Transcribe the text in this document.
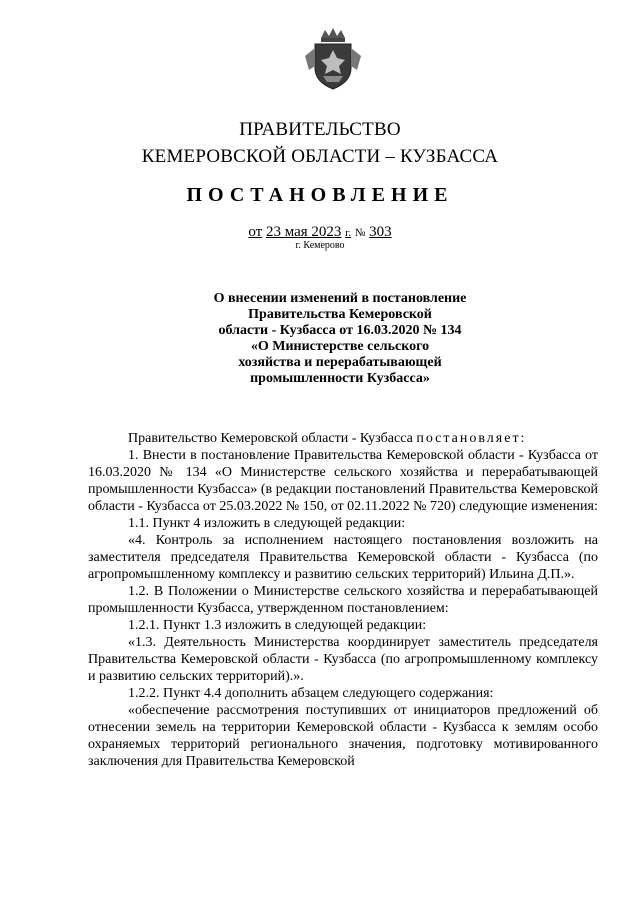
ПРАВИТЕЛЬСТВО
КЕМЕРОВСКОЙ ОБЛАСТИ – КУЗБАССА
ПОСТАНОВЛЕНИЕ
от 23 мая 2023 г. № 303
г. Кемерово
О внесении изменений в постановление
Правительства Кемеровской
области - Кузбасса от 16.03.2020 № 134
«О Министерстве сельского
хозяйства и перерабатывающей
промышленности Кузбасса»

Правительство Кемеровской области - Кузбасса постановляет:

1. Внести в постановление Правительства Кемеровской области - Кузбасса от 16.03.2020 № 134 «О Министерстве сельского хозяйства и перерабатывающей промышленности Кузбасса» (в редакции постановлений Правительства Кемеровской области - Кузбасса от 25.03.2022 № 150, от 02.11.2022 № 720) следующие изменения:

1.1. Пункт 4 изложить в следующей редакции:

«4. Контроль за исполнением настоящего постановления возложить на заместителя председателя Правительства Кемеровской области - Кузбасса (по агропромышленному комплексу и развитию сельских территорий) Ильина Д.П.».

1.2. В Положении о Министерстве сельского хозяйства и перерабатывающей промышленности Кузбасса, утвержденном постановлением:

1.2.1. Пункт 1.3 изложить в следующей редакции:

«1.3. Деятельность Министерства координирует заместитель председателя Правительства Кемеровской области - Кузбасса (по агропромышленному комплексу и развитию сельских территорий).».

1.2.2. Пункт 4.4 дополнить абзацем следующего содержания:

«обеспечение рассмотрения поступивших от инициаторов предложений об отнесении земель на территории Кемеровской области - Кузбасса к землям особо охраняемых территорий регионального значения, подготовку мотивированного заключения для Правительства Кемеровской
